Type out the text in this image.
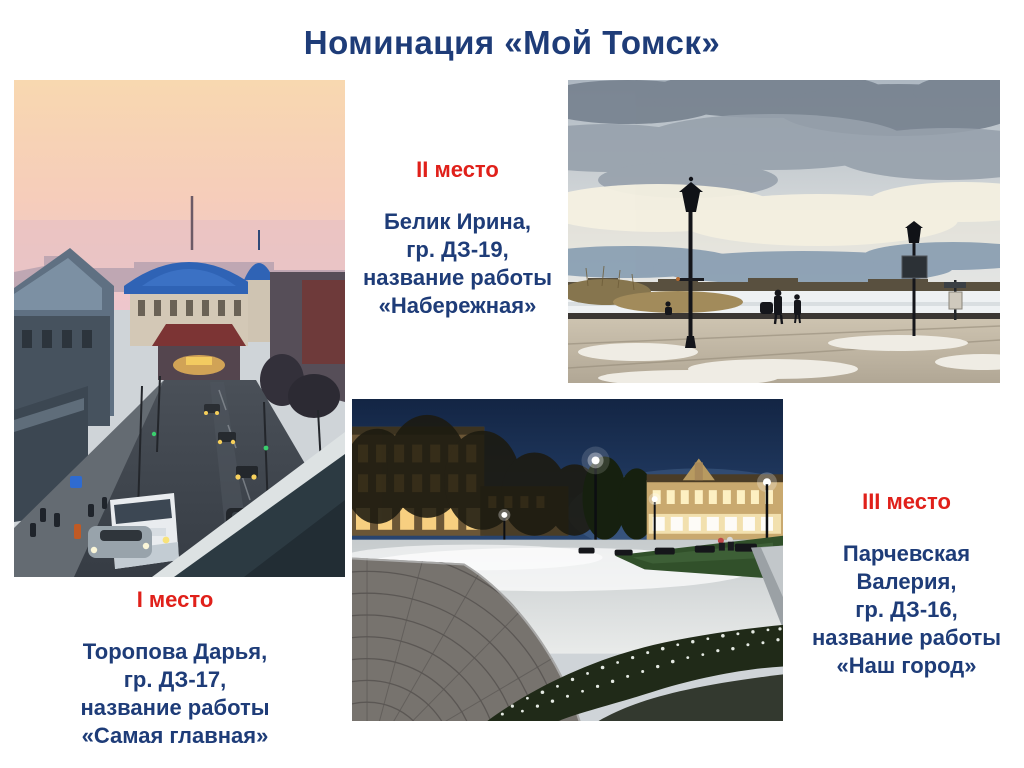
Номинация «Мой Томск»
II место
Белик Ирина,
гр. ДЗ-19,
название работы
«Набережная»
I место
Торопова Дарья,
гр. ДЗ-17,
название работы
«Самая главная»
III место
Парчевская
Валерия,
гр. ДЗ-16,
название работы
«Наш город»
